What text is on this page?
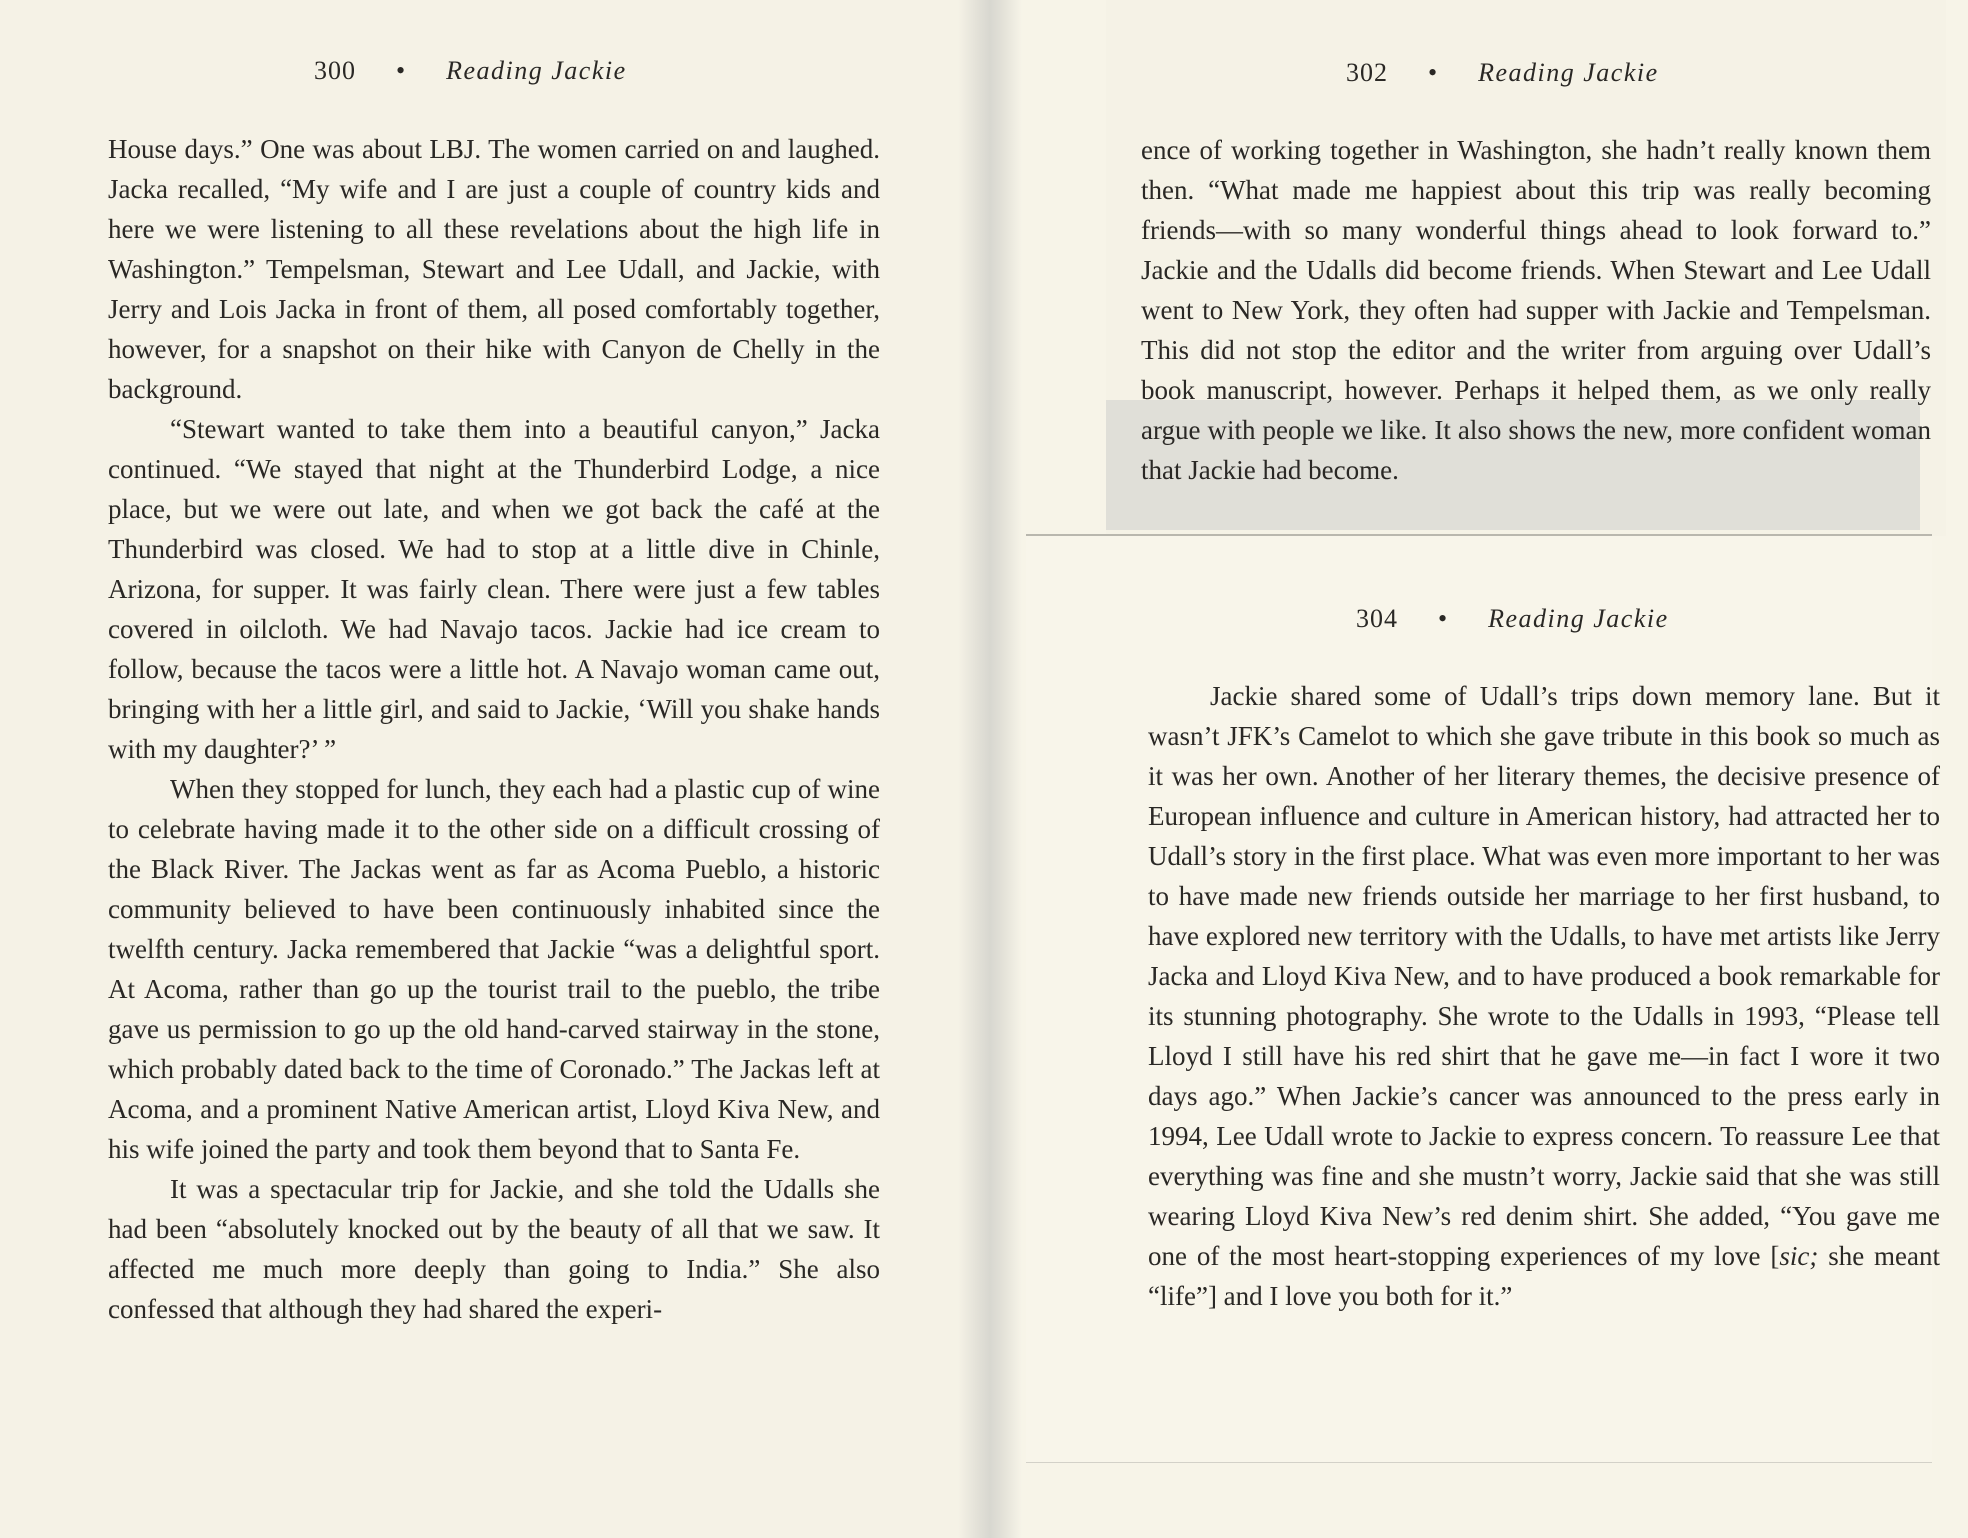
300 • Reading Jackie

House days.” One was about LBJ. The women carried on and laughed. Jacka recalled, “My wife and I are just a couple of country kids and here we were listening to all these revelations about the high life in Washington.” Tempelsman, Stewart and Lee Udall, and Jackie, with Jerry and Lois Jacka in front of them, all posed comfortably together, however, for a snapshot on their hike with Canyon de Chelly in the background.

“Stewart wanted to take them into a beautiful canyon,” Jacka continued. “We stayed that night at the Thunderbird Lodge, a nice place, but we were out late, and when we got back the café at the Thunderbird was closed. We had to stop at a little dive in Chinle, Arizona, for supper. It was fairly clean. There were just a few tables covered in oilcloth. We had Navajo tacos. Jackie had ice cream to follow, because the tacos were a little hot. A Navajo woman came out, bringing with her a little girl, and said to Jackie, ‘Will you shake hands with my daughter?’ ”

When they stopped for lunch, they each had a plastic cup of wine to celebrate having made it to the other side on a difficult crossing of the Black River. The Jackas went as far as Acoma Pueblo, a historic community believed to have been continuously inhabited since the twelfth century. Jacka remembered that Jackie “was a delightful sport. At Acoma, rather than go up the tourist trail to the pueblo, the tribe gave us permission to go up the old hand-carved stairway in the stone, which probably dated back to the time of Coronado.” The Jackas left at Acoma, and a prominent Native American artist, Lloyd Kiva New, and his wife joined the party and took them beyond that to Santa Fe.

It was a spectacular trip for Jackie, and she told the Udalls she had been “absolutely knocked out by the beauty of all that we saw. It affected me much more deeply than going to India.” She also confessed that although they had shared the experi-

302 • Reading Jackie

ence of working together in Washington, she hadn’t really known them then. “What made me happiest about this trip was really becoming friends—with so many wonderful things ahead to look forward to.” Jackie and the Udalls did become friends. When Stewart and Lee Udall went to New York, they often had supper with Jackie and Tempelsman. This did not stop the editor and the writer from arguing over Udall’s book manuscript, however. Perhaps it helped them, as we only really argue with people we like. It also shows the new, more confident woman that Jackie had become.

304 • Reading Jackie

Jackie shared some of Udall’s trips down memory lane. But it wasn’t JFK’s Camelot to which she gave tribute in this book so much as it was her own. Another of her literary themes, the decisive presence of European influence and culture in American history, had attracted her to Udall’s story in the first place. What was even more important to her was to have made new friends outside her marriage to her first husband, to have explored new territory with the Udalls, to have met artists like Jerry Jacka and Lloyd Kiva New, and to have produced a book remarkable for its stunning photography. She wrote to the Udalls in 1993, “Please tell Lloyd I still have his red shirt that he gave me—in fact I wore it two days ago.” When Jackie’s cancer was announced to the press early in 1994, Lee Udall wrote to Jackie to express concern. To reassure Lee that everything was fine and she mustn’t worry, Jackie said that she was still wearing Lloyd Kiva New’s red denim shirt. She added, “You gave me one of the most heart-stopping experiences of my love [sic; she meant “life”] and I love you both for it.”
